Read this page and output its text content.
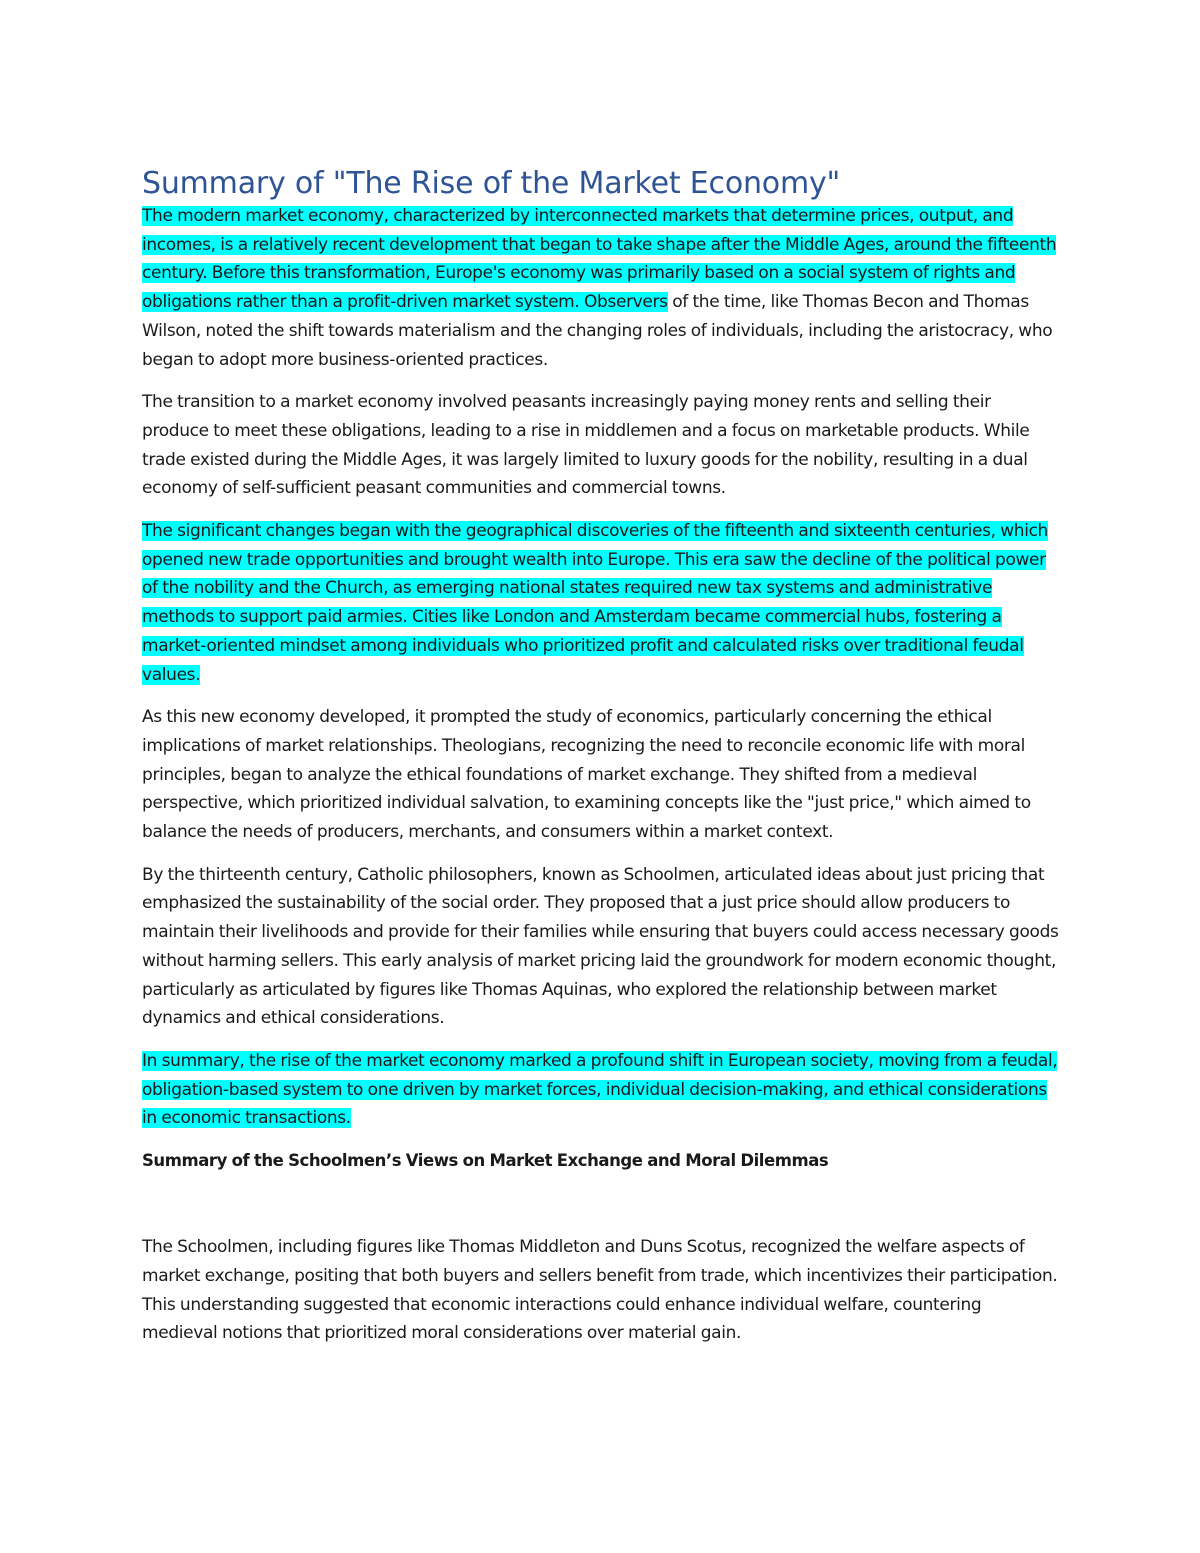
Summary of "The Rise of the Market Economy"

The modern market economy, characterized by interconnected markets that determine prices, output, and incomes, is a relatively recent development that began to take shape after the Middle Ages, around the fifteenth century. Before this transformation, Europe's economy was primarily based on a social system of rights and obligations rather than a profit-driven market system. Observers of the time, like Thomas Becon and Thomas Wilson, noted the shift towards materialism and the changing roles of individuals, including the aristocracy, who began to adopt more business-oriented practices.

The transition to a market economy involved peasants increasingly paying money rents and selling their produce to meet these obligations, leading to a rise in middlemen and a focus on marketable products. While trade existed during the Middle Ages, it was largely limited to luxury goods for the nobility, resulting in a dual economy of self-sufficient peasant communities and commercial towns.

The significant changes began with the geographical discoveries of the fifteenth and sixteenth centuries, which opened new trade opportunities and brought wealth into Europe. This era saw the decline of the political power of the nobility and the Church, as emerging national states required new tax systems and administrative methods to support paid armies. Cities like London and Amsterdam became commercial hubs, fostering a market-oriented mindset among individuals who prioritized profit and calculated risks over traditional feudal values.

As this new economy developed, it prompted the study of economics, particularly concerning the ethical implications of market relationships. Theologians, recognizing the need to reconcile economic life with moral principles, began to analyze the ethical foundations of market exchange. They shifted from a medieval perspective, which prioritized individual salvation, to examining concepts like the "just price," which aimed to balance the needs of producers, merchants, and consumers within a market context.

By the thirteenth century, Catholic philosophers, known as Schoolmen, articulated ideas about just pricing that emphasized the sustainability of the social order. They proposed that a just price should allow producers to maintain their livelihoods and provide for their families while ensuring that buyers could access necessary goods without harming sellers. This early analysis of market pricing laid the groundwork for modern economic thought, particularly as articulated by figures like Thomas Aquinas, who explored the relationship between market dynamics and ethical considerations.

In summary, the rise of the market economy marked a profound shift in European society, moving from a feudal, obligation-based system to one driven by market forces, individual decision-making, and ethical considerations in economic transactions.

Summary of the Schoolmen’s Views on Market Exchange and Moral Dilemmas

The Schoolmen, including figures like Thomas Middleton and Duns Scotus, recognized the welfare aspects of market exchange, positing that both buyers and sellers benefit from trade, which incentivizes their participation. This understanding suggested that economic interactions could enhance individual welfare, countering medieval notions that prioritized moral considerations over material gain.
